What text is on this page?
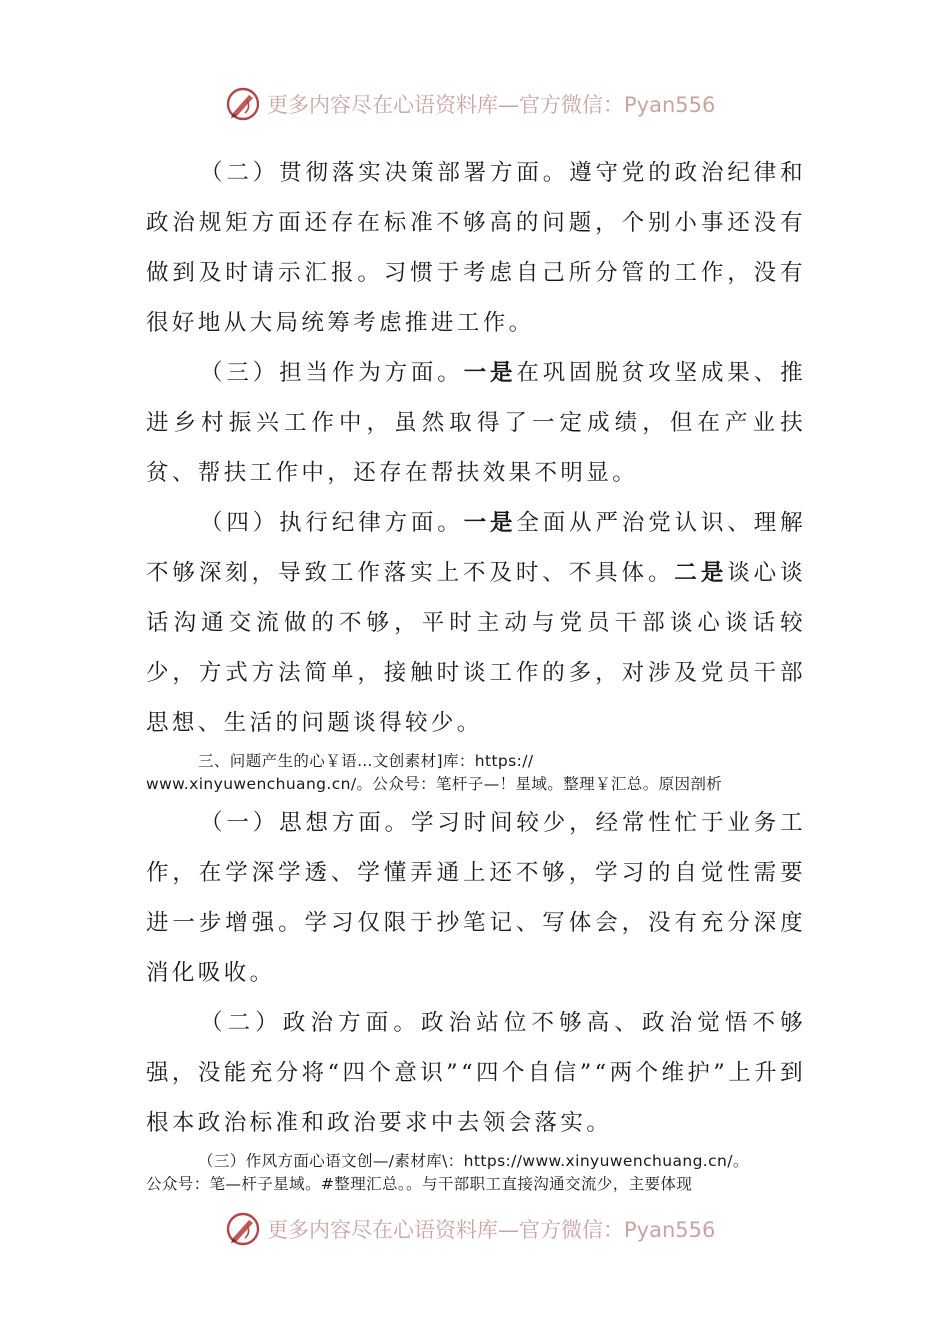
更多内容尽在心语资料库—官方微信：Pyan556

（二）贯彻落实决策部署方面。遵守党的政治纪律和政治规矩方面还存在标准不够高的问题，个别小事还没有做到及时请示汇报。习惯于考虑自己所分管的工作，没有很好地从大局统筹考虑推进工作。

（三）担当作为方面。一是在巩固脱贫攻坚成果、推进乡村振兴工作中，虽然取得了一定成绩，但在产业扶贫、帮扶工作中，还存在帮扶效果不明显。

（四）执行纪律方面。一是全面从严治党认识、理解不够深刻，导致工作落实上不及时、不具体。二是谈心谈话沟通交流做的不够，平时主动与党员干部谈心谈话较少，方式方法简单，接触时谈工作的多，对涉及党员干部思想、生活的问题谈得较少。

三、问题产生的心￥语…文创素材]库：https://

www.xinyuwenchuang.cn/。公众号：笔杆子—！星域。整理￥汇总。原因剖析

（一）思想方面。学习时间较少，经常性忙于业务工作，在学深学透、学懂弄通上还不够，学习的自觉性需要进一步增强。学习仅限于抄笔记、写体会，没有充分深度消化吸收。

（二）政治方面。政治站位不够高、政治觉悟不够强，没能充分将“四个意识”“四个自信”“两个维护”上升到根本政治标准和政治要求中去领会落实。

（三）作风方面心语文创—/素材库\：https://www.xinyuwenchuang.cn/。

公众号：笔—杆子星域。#整理汇总。。与干部职工直接沟通交流少，主要体现

更多内容尽在心语资料库—官方微信：Pyan556
